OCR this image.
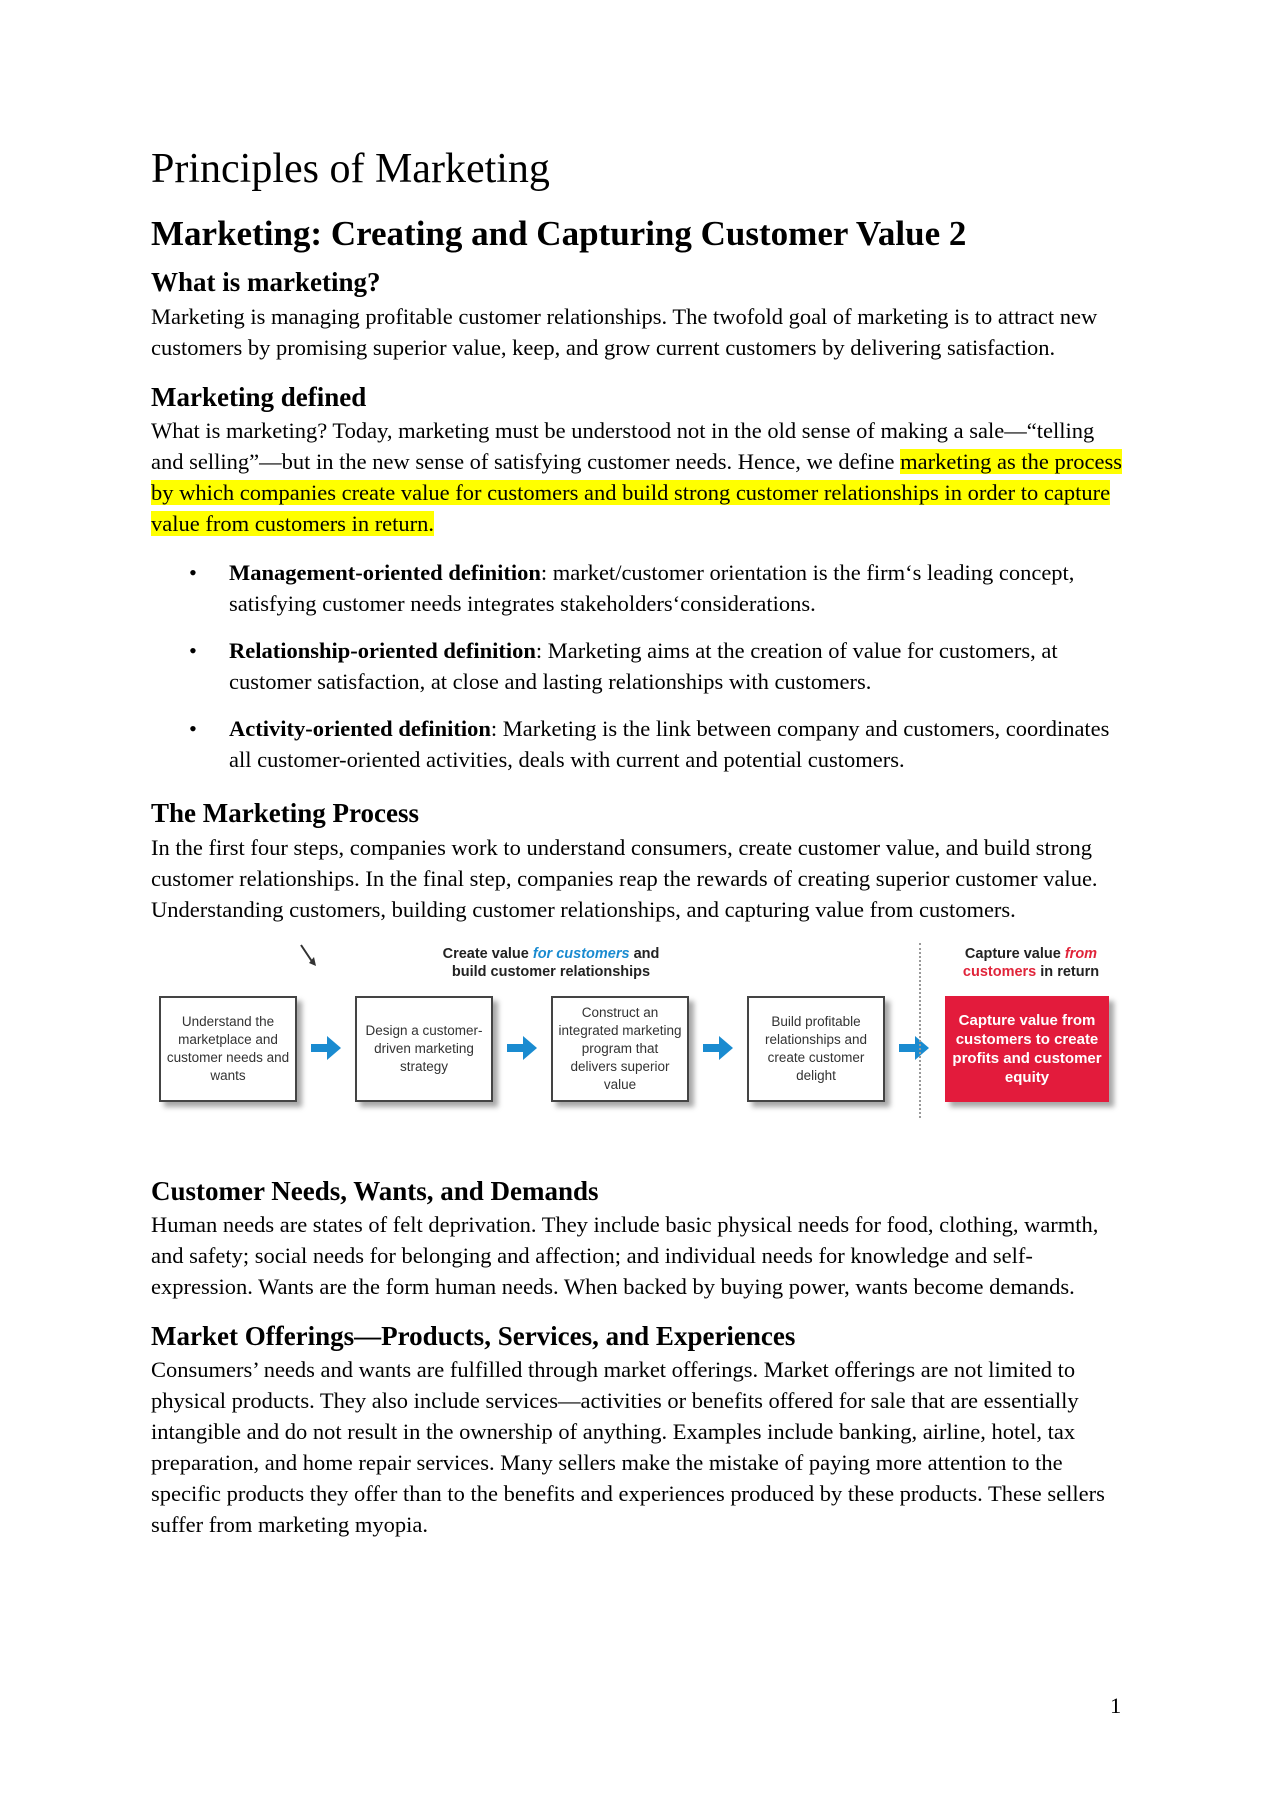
Principles of Marketing
Marketing: Creating and Capturing Customer Value 2
What is marketing?

Marketing is managing profitable customer relationships. The twofold goal of marketing is to attract new customers by promising superior value, keep, and grow current customers by delivering satisfaction.

Marketing defined

What is marketing? Today, marketing must be understood not in the old sense of making a sale—“telling and selling”—but in the new sense of satisfying customer needs. Hence, we define marketing as the process by which companies create value for customers and build strong customer relationships in order to capture value from customers in return.

• Management-oriented definition: market/customer orientation is the firm‘s leading concept, satisfying customer needs integrates stakeholders‘considerations.
• Relationship-oriented definition: Marketing aims at the creation of value for customers, at customer satisfaction, at close and lasting relationships with customers.
• Activity-oriented definition: Marketing is the link between company and customers, coordinates all customer-oriented activities, deals with current and potential customers.
The Marketing Process

In the first four steps, companies work to understand consumers, create customer value, and build strong customer relationships. In the final step, companies reap the rewards of creating superior customer value. Understanding customers, building customer relationships, and capturing value from customers.

Create value for customers and
build customer relationships
Capture value from
customers in return
Understand the marketplace and customer needs and wants
Design a customer-driven marketing strategy
Construct an integrated marketing program that delivers superior value
Build profitable relationships and create customer delight
Capture value from customers to create profits and customer equity
Customer Needs, Wants, and Demands

Human needs are states of felt deprivation. They include basic physical needs for food, clothing, warmth, and safety; social needs for belonging and affection; and individual needs for knowledge and self-expression. Wants are the form human needs. When backed by buying power, wants become demands.

Market Offerings—Products, Services, and Experiences

Consumers’ needs and wants are fulfilled through market offerings. Market offerings are not limited to physical products. They also include services—activities or benefits offered for sale that are essentially intangible and do not result in the ownership of anything. Examples include banking, airline, hotel, tax preparation, and home repair services. Many sellers make the mistake of paying more attention to the specific products they offer than to the benefits and experiences produced by these products. These sellers suffer from marketing myopia.

1
